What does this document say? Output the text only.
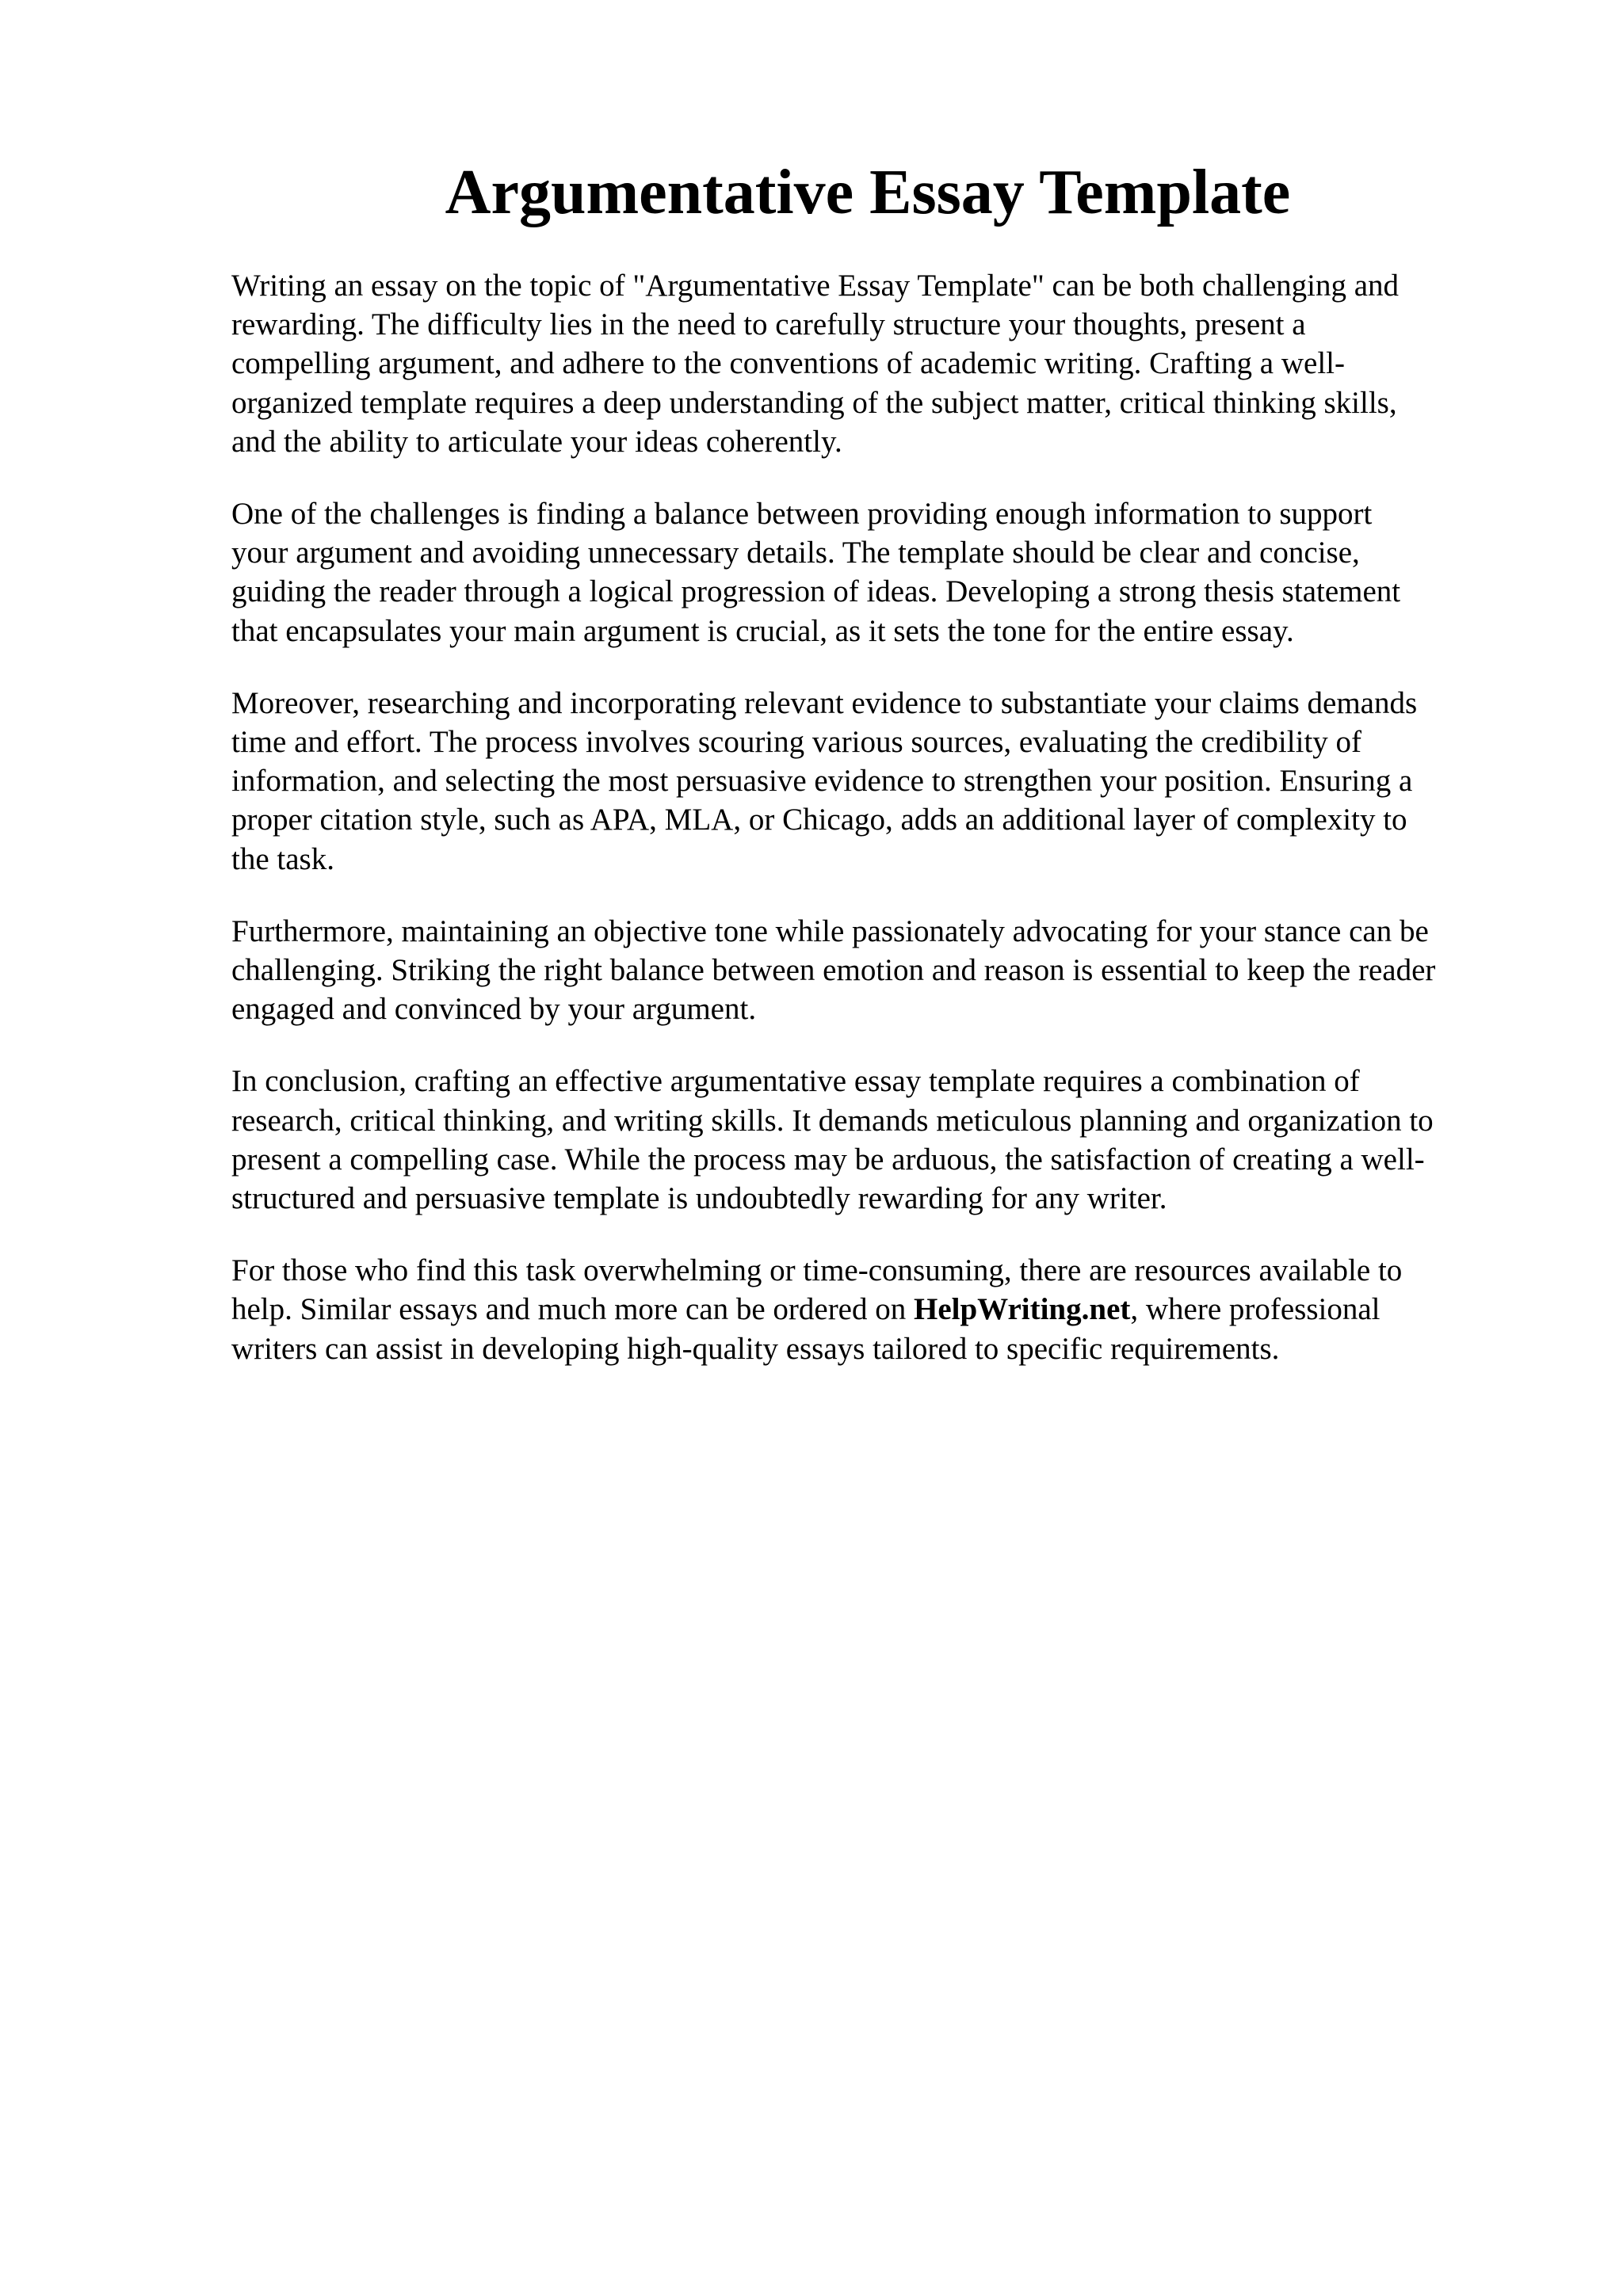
Argumentative Essay Template

Writing an essay on the topic of "Argumentative Essay Template" can be both challenging and
rewarding. The difficulty lies in the need to carefully structure your thoughts, present a
compelling argument, and adhere to the conventions of academic writing. Crafting a well-
organized template requires a deep understanding of the subject matter, critical thinking skills,
and the ability to articulate your ideas coherently.

One of the challenges is finding a balance between providing enough information to support
your argument and avoiding unnecessary details. The template should be clear and concise,
guiding the reader through a logical progression of ideas. Developing a strong thesis statement
that encapsulates your main argument is crucial, as it sets the tone for the entire essay.

Moreover, researching and incorporating relevant evidence to substantiate your claims demands
time and effort. The process involves scouring various sources, evaluating the credibility of
information, and selecting the most persuasive evidence to strengthen your position. Ensuring a
proper citation style, such as APA, MLA, or Chicago, adds an additional layer of complexity to
the task.

Furthermore, maintaining an objective tone while passionately advocating for your stance can be
challenging. Striking the right balance between emotion and reason is essential to keep the reader
engaged and convinced by your argument.

In conclusion, crafting an effective argumentative essay template requires a combination of
research, critical thinking, and writing skills. It demands meticulous planning and organization to
present a compelling case. While the process may be arduous, the satisfaction of creating a well-
structured and persuasive template is undoubtedly rewarding for any writer.

For those who find this task overwhelming or time-consuming, there are resources available to
help. Similar essays and much more can be ordered on HelpWriting.net, where professional
writers can assist in developing high-quality essays tailored to specific requirements.
